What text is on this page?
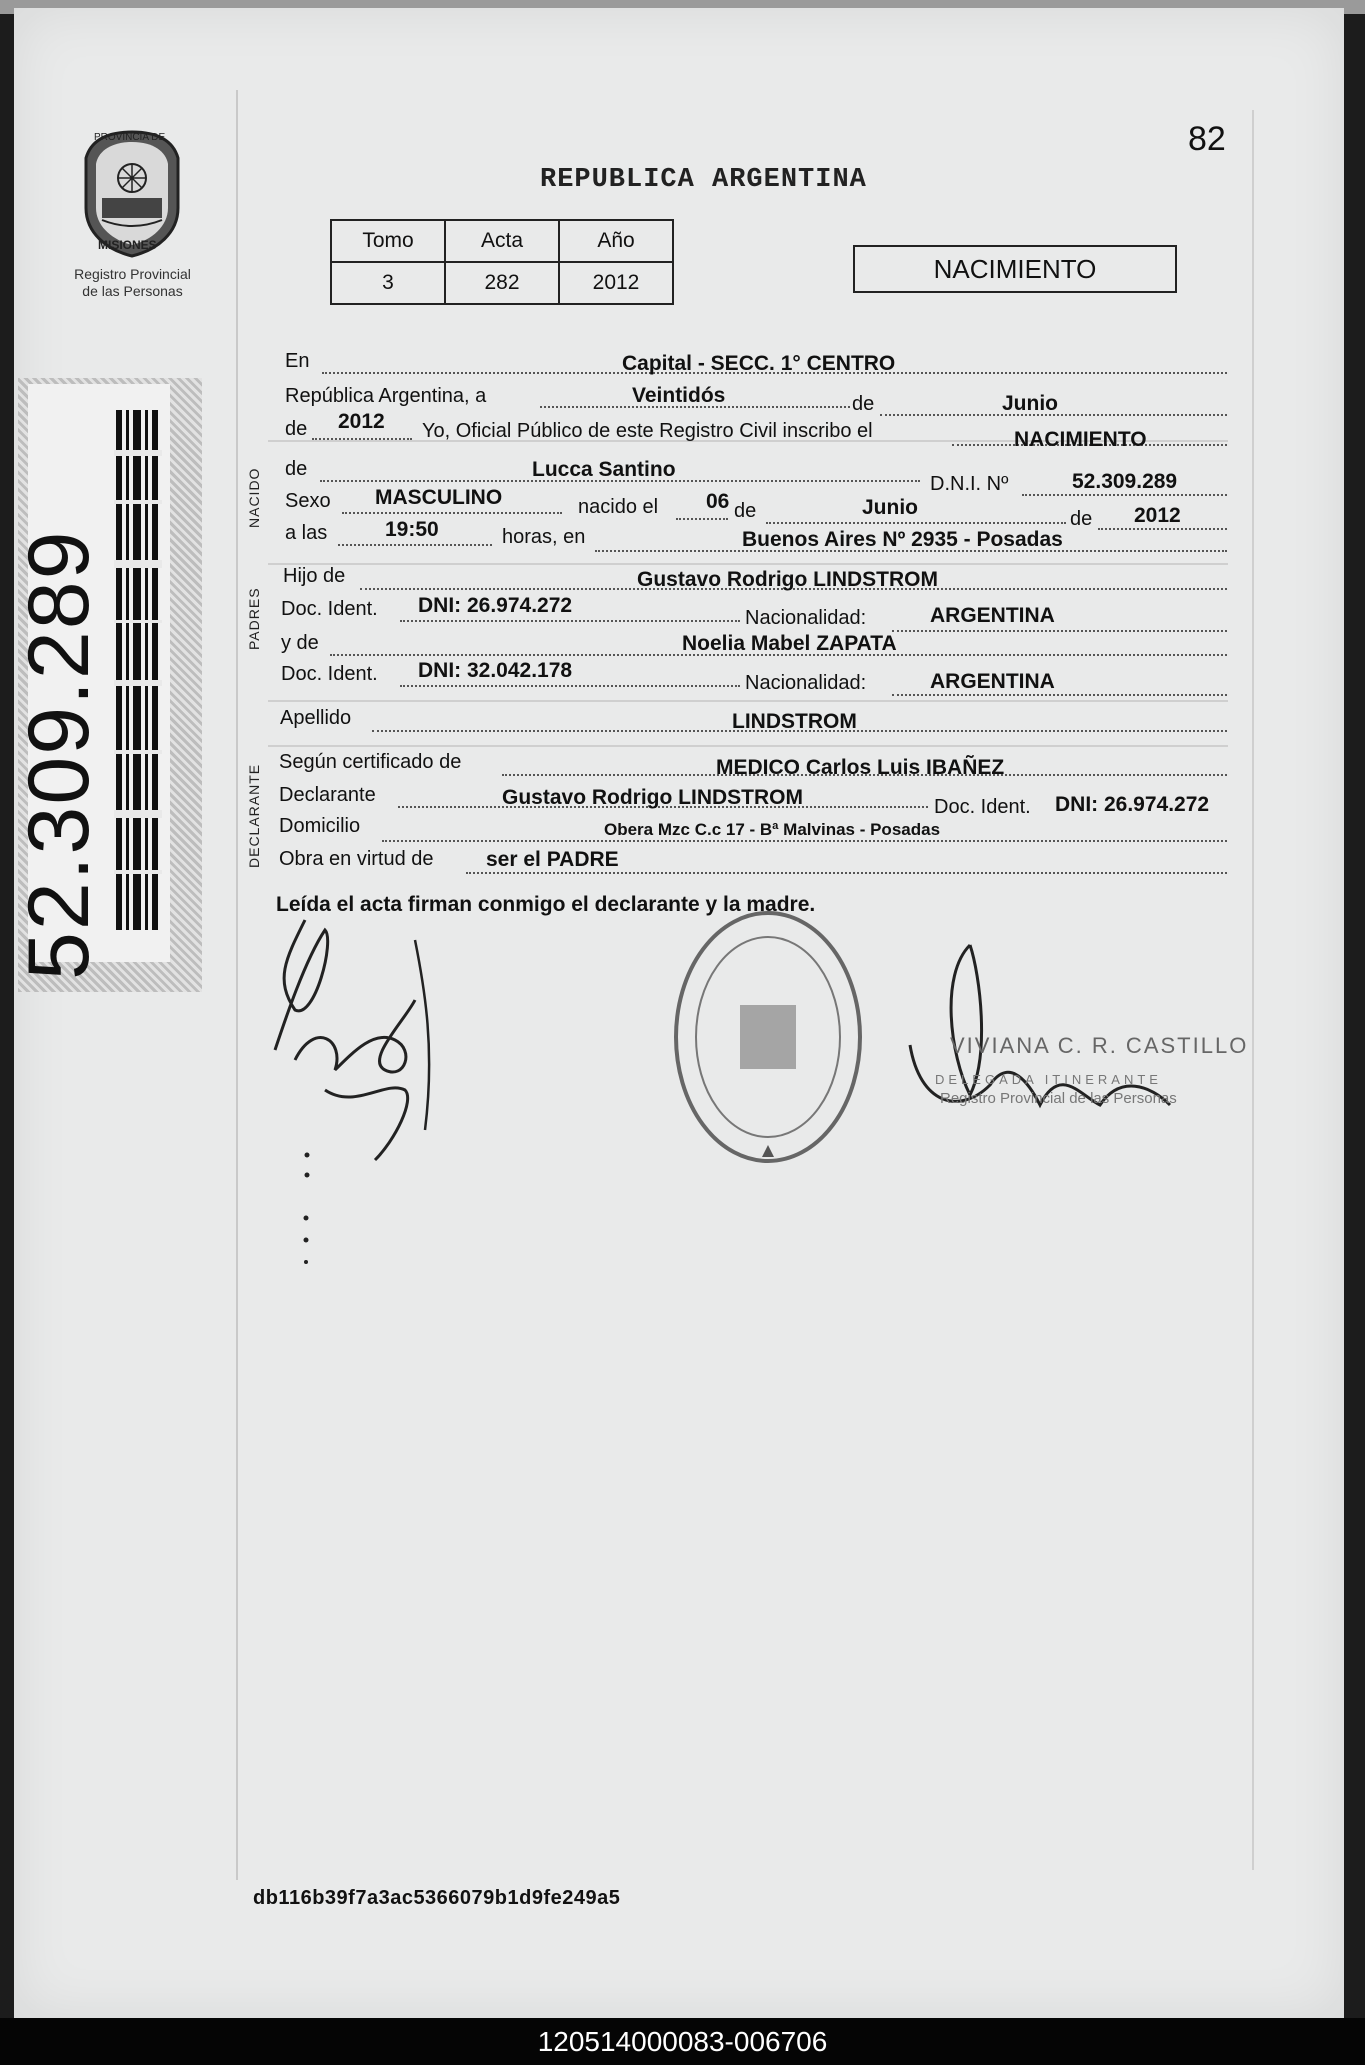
PROVINCIA DE
MISIONES
Registro Provincial
de las Personas
82
REPUBLICA ARGENTINA
Tomo	Acta	Año
3	282	2012	NACIMIENTO
52.309.289
NACIDO
PADRES
DECLARANTE
En	Capital - SECC. 1° CENTRO
República Argentina, a	Veintidós	de	Junio
de 2012 Yo, Oficial Público de este Registro Civil inscribo el	NACIMIENTO
de	Lucca Santino
D.N.I. Nº	52.309.289
Sexo MASCULINO	nacido el 06 de	Junio	de 2012
a las	19:50	horas, en	Buenos Aires Nº 2935 - Posadas
Hijo de	Gustavo Rodrigo LINDSTROM
Doc. Ident. DNI: 26.974.272
Nacionalidad:	ARGENTINA
y de	Noelia Mabel ZAPATA
Doc. Ident. DNI: 32.042.178
Nacionalidad:	ARGENTINA
Apellido	LINDSTROM
Según certificado de	MEDICO Carlos Luis IBAÑEZ
Declarante	Gustavo Rodrigo LINDSTROM	Doc. Ident. DNI: 26.974.272
Domicilio	Obera Mzc C.c 17 - Bª Malvinas - Posadas
Obra en virtud de ser el PADRE
Leída el acta firman conmigo el declarante y la madre.
VIVIANA C. R. CASTILLO
DELEGADA ITINERANTE
Registro Provincial de las Personas
db116b39f7a3ac5366079b1d9fe249a5
120514000083-006706
